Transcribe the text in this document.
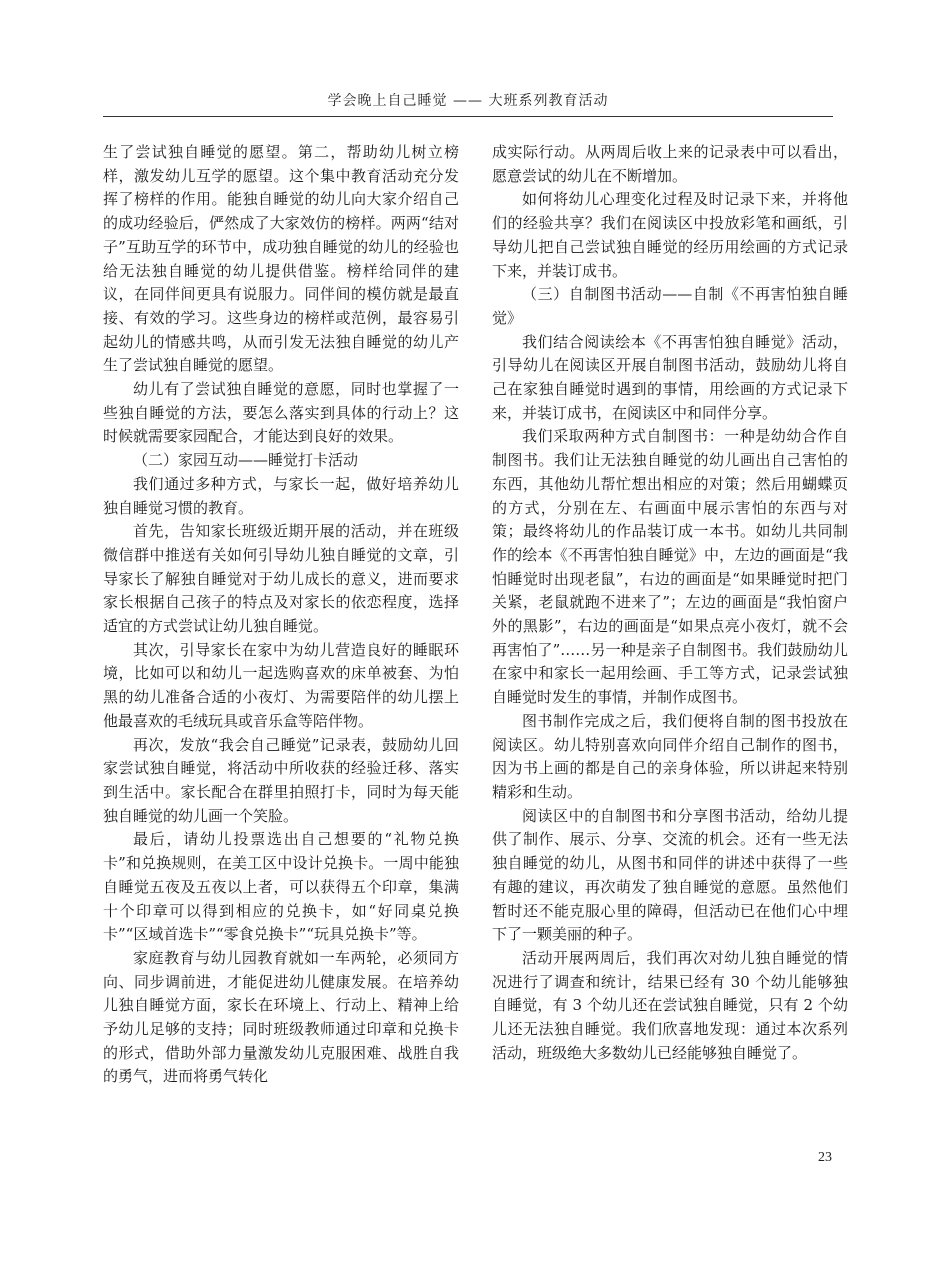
学会晚上自己睡觉 —— 大班系列教育活动

生了尝试独自睡觉的愿望。第二，帮助幼儿树立榜样，激发幼儿互学的愿望。这个集中教育活动充分发挥了榜样的作用。能独自睡觉的幼儿向大家介绍自己的成功经验后，俨然成了大家效仿的榜样。两两“结对子”互助互学的环节中，成功独自睡觉的幼儿的经验也给无法独自睡觉的幼儿提供借鉴。榜样给同伴的建议，在同伴间更具有说服力。同伴间的模仿就是最直接、有效的学习。这些身边的榜样或范例，最容易引起幼儿的情感共鸣，从而引发无法独自睡觉的幼儿产生了尝试独自睡觉的愿望。

幼儿有了尝试独自睡觉的意愿，同时也掌握了一些独自睡觉的方法，要怎么落实到具体的行动上？这时候就需要家园配合，才能达到良好的效果。

（二）家园互动——睡觉打卡活动

我们通过多种方式，与家长一起，做好培养幼儿独自睡觉习惯的教育。

首先，告知家长班级近期开展的活动，并在班级微信群中推送有关如何引导幼儿独自睡觉的文章，引导家长了解独自睡觉对于幼儿成长的意义，进而要求家长根据自己孩子的特点及对家长的依恋程度，选择适宜的方式尝试让幼儿独自睡觉。

其次，引导家长在家中为幼儿营造良好的睡眠环境，比如可以和幼儿一起选购喜欢的床单被套、为怕黑的幼儿准备合适的小夜灯、为需要陪伴的幼儿摆上他最喜欢的毛绒玩具或音乐盒等陪伴物。

再次，发放“我会自己睡觉”记录表，鼓励幼儿回家尝试独自睡觉，将活动中所收获的经验迁移、落实到生活中。家长配合在群里拍照打卡，同时为每天能独自睡觉的幼儿画一个笑脸。

最后，请幼儿投票选出自己想要的“礼物兑换卡”和兑换规则，在美工区中设计兑换卡。一周中能独自睡觉五夜及五夜以上者，可以获得五个印章，集满十个印章可以得到相应的兑换卡，如“好同桌兑换卡”“区域首选卡”“零食兑换卡”“玩具兑换卡”等。

家庭教育与幼儿园教育就如一车两轮，必须同方向、同步调前进，才能促进幼儿健康发展。在培养幼儿独自睡觉方面，家长在环境上、行动上、精神上给予幼儿足够的支持；同时班级教师通过印章和兑换卡的形式，借助外部力量激发幼儿克服困难、战胜自我的勇气，进而将勇气转化

成实际行动。从两周后收上来的记录表中可以看出，愿意尝试的幼儿在不断增加。

如何将幼儿心理变化过程及时记录下来，并将他们的经验共享？我们在阅读区中投放彩笔和画纸，引导幼儿把自己尝试独自睡觉的经历用绘画的方式记录下来，并装订成书。

（三）自制图书活动——自制《不再害怕独自睡觉》

我们结合阅读绘本《不再害怕独自睡觉》活动，引导幼儿在阅读区开展自制图书活动，鼓励幼儿将自己在家独自睡觉时遇到的事情，用绘画的方式记录下来，并装订成书，在阅读区中和同伴分享。

我们采取两种方式自制图书：一种是幼幼合作自制图书。我们让无法独自睡觉的幼儿画出自己害怕的东西，其他幼儿帮忙想出相应的对策；然后用蝴蝶页的方式，分别在左、右画面中展示害怕的东西与对策；最终将幼儿的作品装订成一本书。如幼儿共同制作的绘本《不再害怕独自睡觉》中，左边的画面是“我怕睡觉时出现老鼠”，右边的画面是“如果睡觉时把门关紧，老鼠就跑不进来了”；左边的画面是“我怕窗户外的黑影”，右边的画面是“如果点亮小夜灯，就不会再害怕了”……另一种是亲子自制图书。我们鼓励幼儿在家中和家长一起用绘画、手工等方式，记录尝试独自睡觉时发生的事情，并制作成图书。

图书制作完成之后，我们便将自制的图书投放在阅读区。幼儿特别喜欢向同伴介绍自己制作的图书，因为书上画的都是自己的亲身体验，所以讲起来特别精彩和生动。

阅读区中的自制图书和分享图书活动，给幼儿提供了制作、展示、分享、交流的机会。还有一些无法独自睡觉的幼儿，从图书和同伴的讲述中获得了一些有趣的建议，再次萌发了独自睡觉的意愿。虽然他们暂时还不能克服心里的障碍，但活动已在他们心中埋下了一颗美丽的种子。

活动开展两周后，我们再次对幼儿独自睡觉的情况进行了调查和统计，结果已经有 30 个幼儿能够独自睡觉，有 3 个幼儿还在尝试独自睡觉，只有 2 个幼儿还无法独自睡觉。我们欣喜地发现：通过本次系列活动，班级绝大多数幼儿已经能够独自睡觉了。

23
